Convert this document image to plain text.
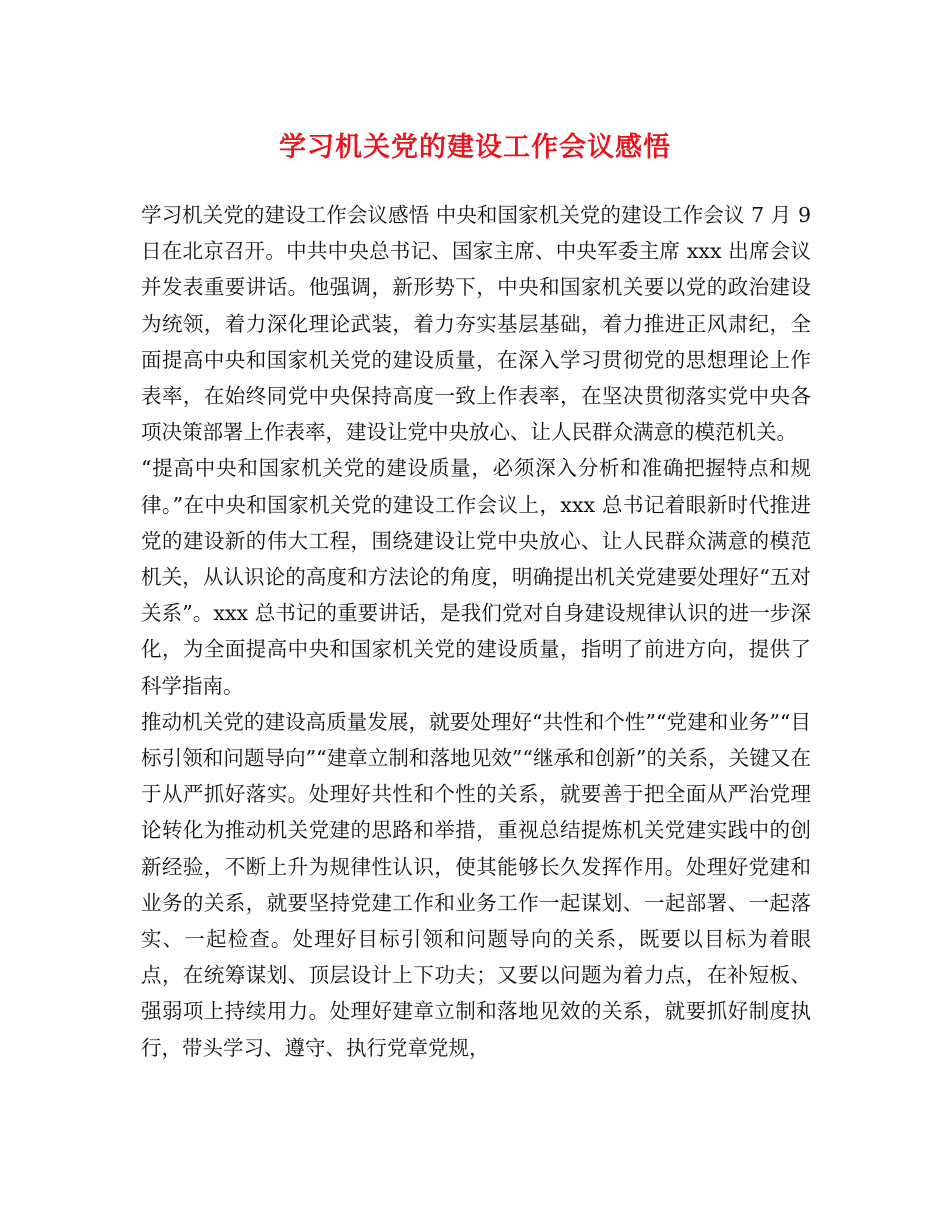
学习机关党的建设工作会议感悟

学习机关党的建设工作会议感悟 中央和国家机关党的建设工作会议 7 月 9 日在北京召开。中共中央总书记、国家主席、中央军委主席 xxx 出席会议并发表重要讲话。他强调，新形势下，中央和国家机关要以党的政治建设为统领，着力深化理论武装，着力夯实基层基础，着力推进正风肃纪，全面提高中央和国家机关党的建设质量，在深入学习贯彻党的思想理论上作表率，在始终同党中央保持高度一致上作表率，在坚决贯彻落实党中央各项决策部署上作表率，建设让党中央放心、让人民群众满意的模范机关。

“提高中央和国家机关党的建设质量，必须深入分析和准确把握特点和规律。”在中央和国家机关党的建设工作会议上，xxx 总书记着眼新时代推进党的建设新的伟大工程，围绕建设让党中央放心、让人民群众满意的模范机关，从认识论的高度和方法论的角度，明确提出机关党建要处理好“五对关系”。xxx 总书记的重要讲话，是我们党对自身建设规律认识的进一步深化，为全面提高中央和国家机关党的建设质量，指明了前进方向，提供了科学指南。

推动机关党的建设高质量发展，就要处理好“共性和个性”“党建和业务”“目标引领和问题导向”“建章立制和落地见效”“继承和创新”的关系，关键又在于从严抓好落实。处理好共性和个性的关系，就要善于把全面从严治党理论转化为推动机关党建的思路和举措，重视总结提炼机关党建实践中的创新经验，不断上升为规律性认识，使其能够长久发挥作用。处理好党建和业务的关系，就要坚持党建工作和业务工作一起谋划、一起部署、一起落实、一起检查。处理好目标引领和问题导向的关系，既要以目标为着眼点，在统筹谋划、顶层设计上下功夫；又要以问题为着力点，在补短板、强弱项上持续用力。处理好建章立制和落地见效的关系，就要抓好制度执行，带头学习、遵守、执行党章党规，
